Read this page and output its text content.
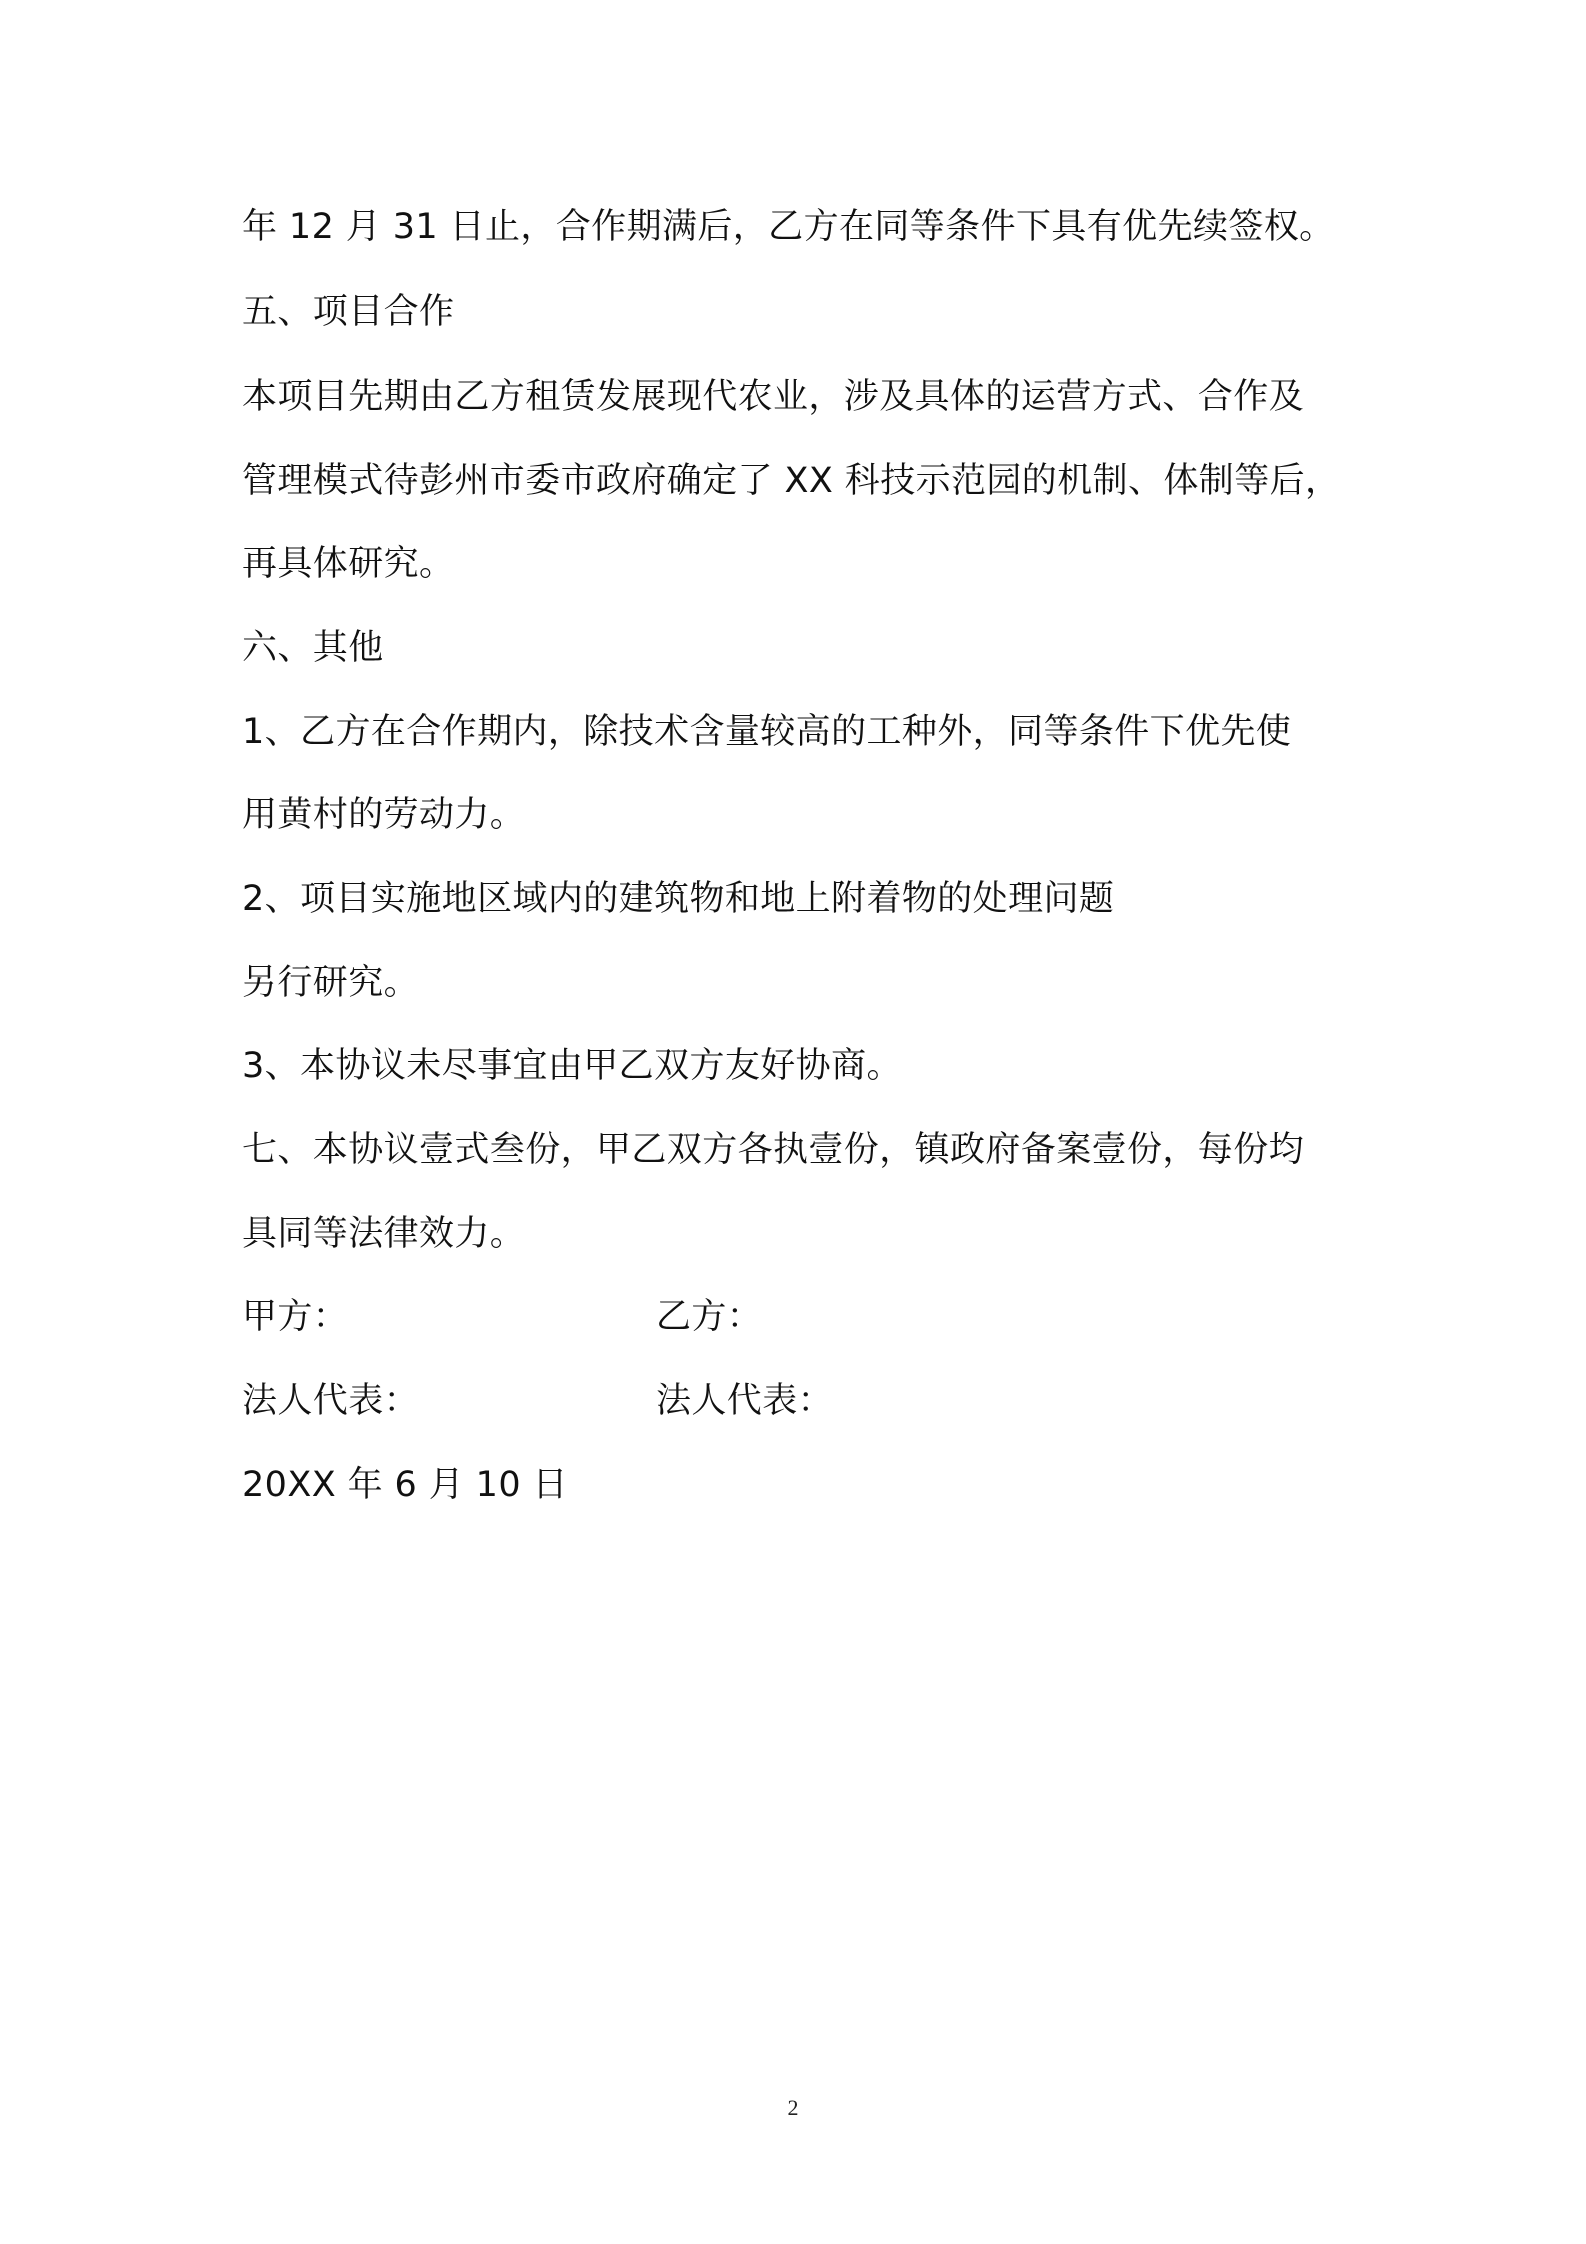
年 12 月 31 日止，合作期满后，乙方在同等条件下具有优先续签权。
五、项目合作
本项目先期由乙方租赁发展现代农业，涉及具体的运营方式、合作及
管理模式待彭州市委市政府确定了 XX 科技示范园的机制、体制等后，
再具体研究。
六、其他
1、乙方在合作期内，除技术含量较高的工种外，同等条件下优先使
用黄村的劳动力。
2、项目实施地区域内的建筑物和地上附着物的处理问题
另行研究。
3、本协议未尽事宜由甲乙双方友好协商。
七、本协议壹式叁份，甲乙双方各执壹份，镇政府备案壹份，每份均
具同等法律效力。
甲方：	乙方：
法人代表：	法人代表：
20XX 年 6 月 10 日
2
